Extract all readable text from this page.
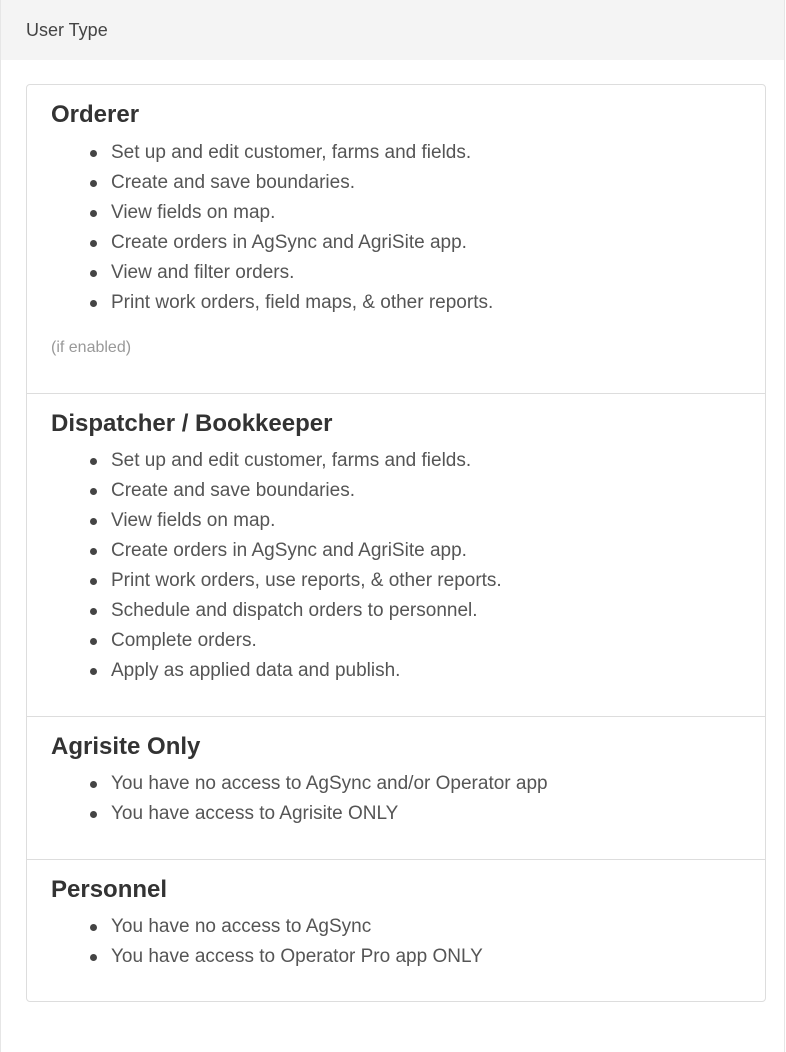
User Type
Orderer
Set up and edit customer, farms and fields.
Create and save boundaries.
View fields on map.
Create orders in AgSync and AgriSite app.
View and filter orders.
Print work orders, field maps, & other reports.
(if enabled)
Dispatcher / Bookkeeper
Set up and edit customer, farms and fields.
Create and save boundaries.
View fields on map.
Create orders in AgSync and AgriSite app.
Print work orders, use reports, & other reports.
Schedule and dispatch orders to personnel.
Complete orders.
Apply as applied data and publish.
Agrisite Only
You have no access to AgSync and/or Operator app
You have access to Agrisite ONLY
Personnel
You have no access to AgSync
You have access to Operator Pro app ONLY
